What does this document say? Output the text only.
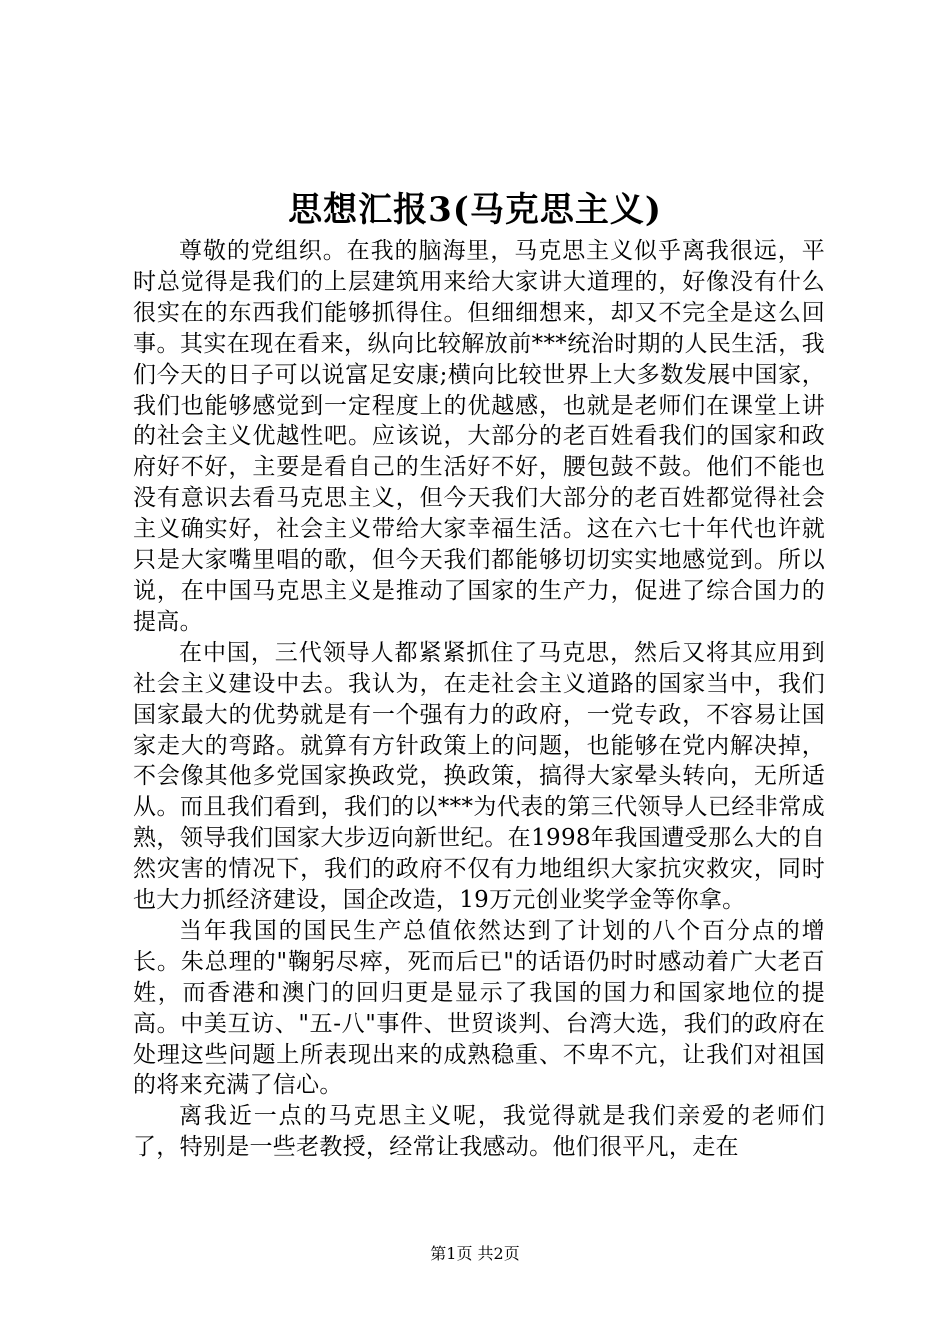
思想汇报3(马克思主义)

尊敬的党组织。在我的脑海里，马克思主义似乎离我很远，平时总觉得是我们的上层建筑用来给大家讲大道理的，好像没有什么很实在的东西我们能够抓得住。但细细想来，却又不完全是这么回事。其实在现在看来，纵向比较解放前***统治时期的人民生活，我们今天的日子可以说富足安康;横向比较世界上大多数发展中国家，我们也能够感觉到一定程度上的优越感，也就是老师们在课堂上讲的社会主义优越性吧。应该说，大部分的老百姓看我们的国家和政府好不好，主要是看自己的生活好不好，腰包鼓不鼓。他们不能也没有意识去看马克思主义，但今天我们大部分的老百姓都觉得社会主义确实好，社会主义带给大家幸福生活。这在六七十年代也许就只是大家嘴里唱的歌，但今天我们都能够切切实实地感觉到。所以说，在中国马克思主义是推动了国家的生产力，促进了综合国力的提高。

在中国，三代领导人都紧紧抓住了马克思，然后又将其应用到社会主义建设中去。我认为，在走社会主义道路的国家当中，我们国家最大的优势就是有一个强有力的政府，一党专政，不容易让国家走大的弯路。就算有方针政策上的问题，也能够在党内解决掉，不会像其他多党国家换政党，换政策，搞得大家晕头转向，无所适从。而且我们看到，我们的以***为代表的第三代领导人已经非常成熟，领导我们国家大步迈向新世纪。在1998年我国遭受那么大的自然灾害的情况下，我们的政府不仅有力地组织大家抗灾救灾，同时也大力抓经济建设，国企改造，19万元创业奖学金等你拿。

当年我国的国民生产总值依然达到了计划的八个百分点的增长。朱总理的"鞠躬尽瘁，死而后已"的话语仍时时感动着广大老百姓，而香港和澳门的回归更是显示了我国的国力和国家地位的提高。中美互访、"五-八"事件、世贸谈判、台湾大选，我们的政府在处理这些问题上所表现出来的成熟稳重、不卑不亢，让我们对祖国的将来充满了信心。

离我近一点的马克思主义呢，我觉得就是我们亲爱的老师们了，特别是一些老教授，经常让我感动。他们很平凡，走在

第1页 共2页
